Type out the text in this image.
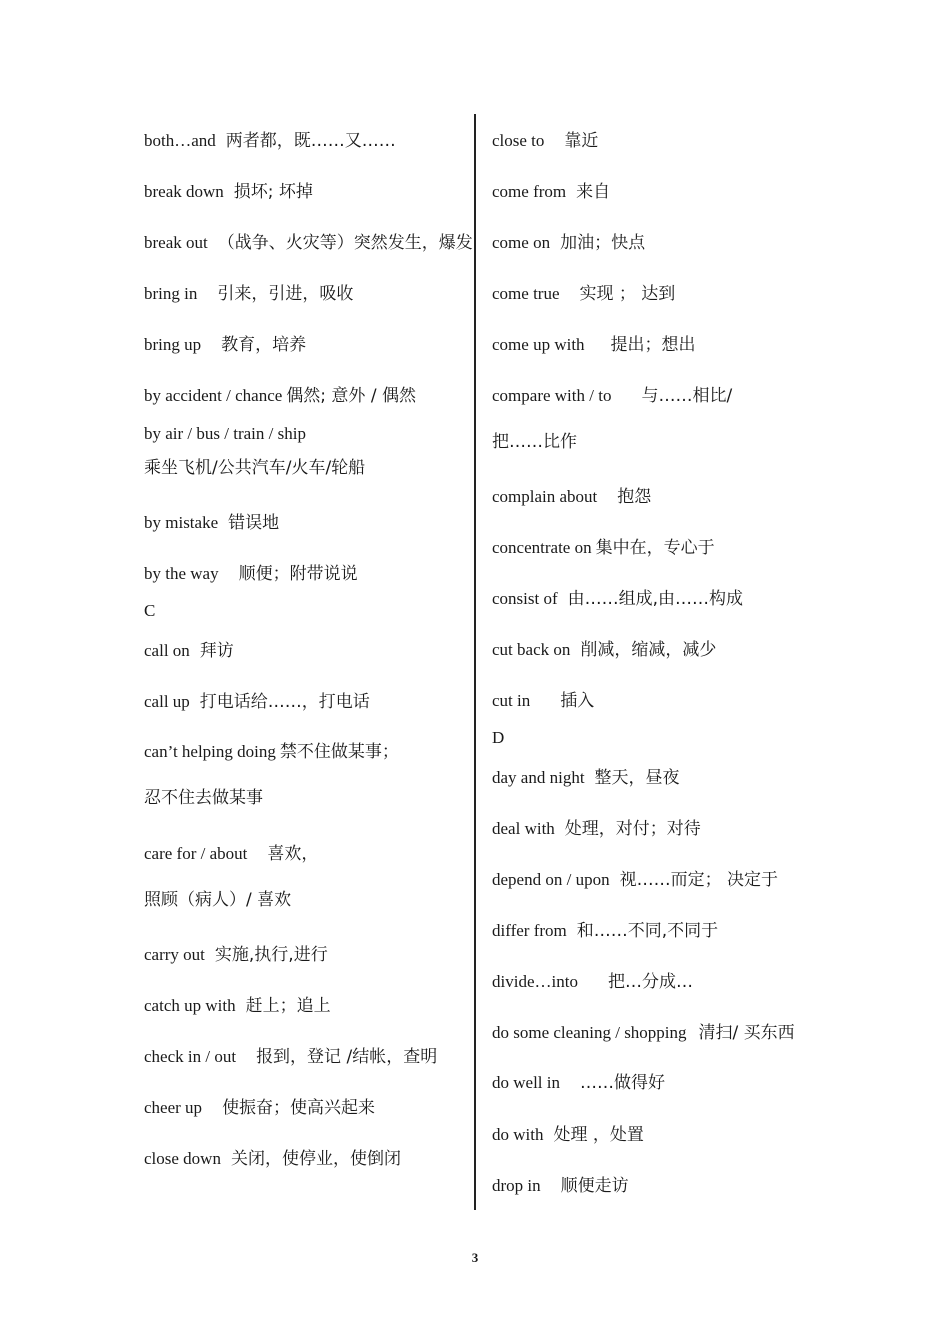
both…and 两者都，既……又……
break down 损坏; 坏掉
break out （战争、火灾等）突然发生，爆发
bring in 引来，引进，吸收
bring up 教育，培养
by accident / chance 偶然; 意外 / 偶然
by air / bus / train / ship
乘坐飞机/公共汽车/火车/轮船
by mistake 错误地
by the way 顺便；附带说说
call on 拜访
call up 打电话给……，打电话
can’t helping doing 禁不住做某事；
忍不住去做某事
care for / about 喜欢，
照顾（病人）/ 喜欢
carry out 实施,执行,进行
catch up with 赶上；追上
check in / out 报到，登记 /结帐，查明
cheer up 使振奋；使高兴起来
close down 关闭，使停业，使倒闭
C
close to 靠近
come from 来自
come on 加油；快点
come true 实现 ； 达到
come up with 提出；想出
compare with / to 与……相比/
把……比作
complain about 抱怨
concentrate on 集中在，专心于
consist of 由……组成,由……构成
cut back on 削减，缩减，减少
cut in 插入
day and night 整天，昼夜
deal with 处理，对付；对待
depend on / upon 视……而定； 决定于
differ from 和……不同,不同于
divide…into 把…分成…
do some cleaning / shopping 清扫/ 买东西
do well in ……做得好
do with 处理 ，处置
drop in 顺便走访
D
3
